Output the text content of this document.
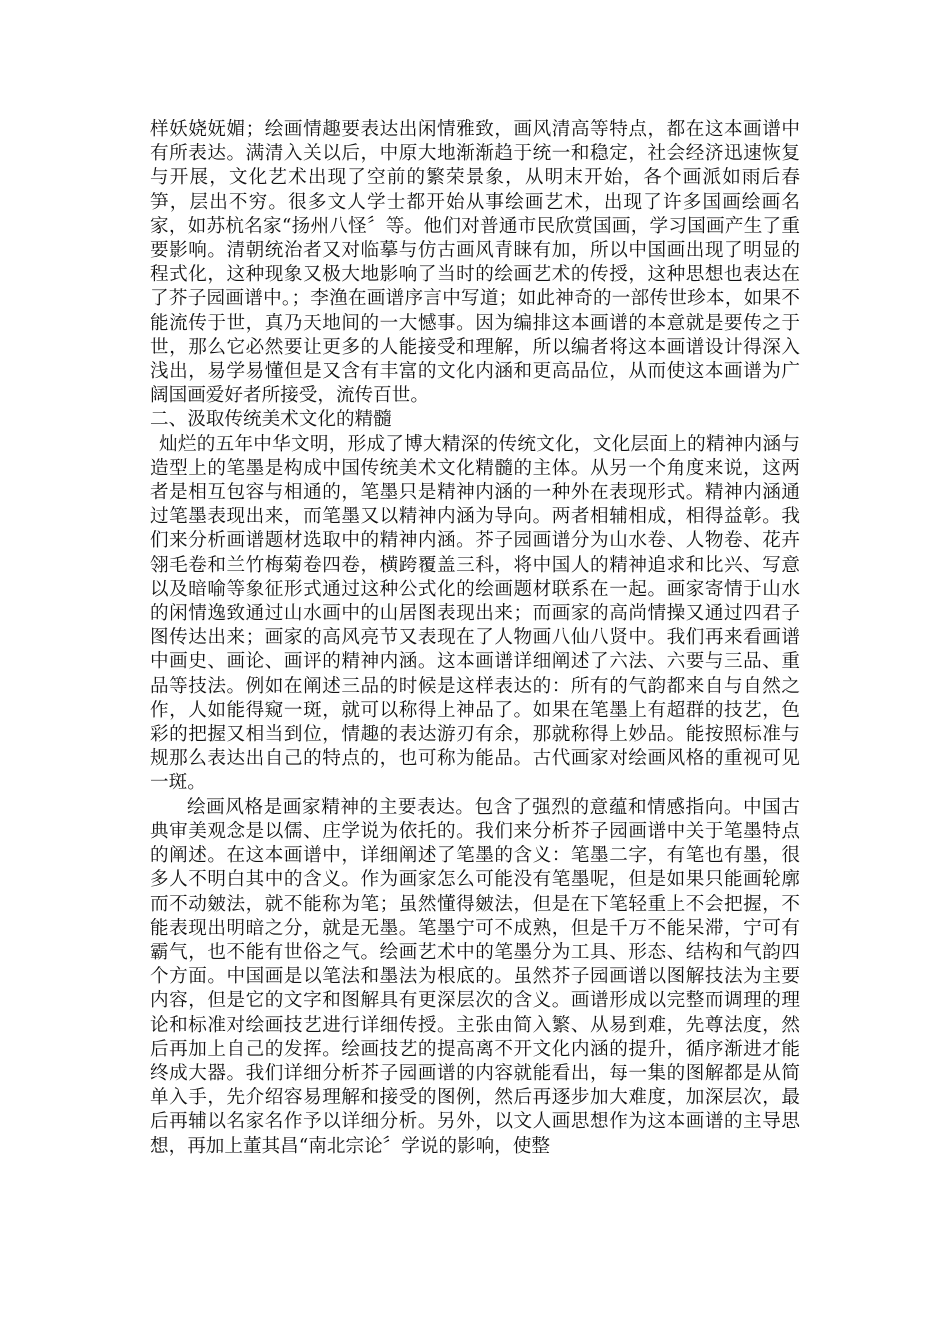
样妖娆妩媚；绘画情趣要表达出闲情雅致，画风清高等特点，都在这本画谱中有所表达。满清入关以后，中原大地渐渐趋于统一和稳定，社会经济迅速恢复与开展，文化艺术出现了空前的繁荣景象，从明末开始，各个画派如雨后春笋，层出不穷。很多文人学士都开始从事绘画艺术，出现了许多国画绘画名家，如苏杭名家“扬州八怪〞等。他们对普通市民欣赏国画，学习国画产生了重要影响。清朝统治者又对临摹与仿古画风青睐有加，所以中国画出现了明显的程式化，这种现象又极大地影响了当时的绘画艺术的传授，这种思想也表达在了芥子园画谱中。；李渔在画谱序言中写道；如此神奇的一部传世珍本，如果不能流传于世，真乃天地间的一大憾事。因为编排这本画谱的本意就是要传之于世，那么它必然要让更多的人能接受和理解，所以编者将这本画谱设计得深入浅出，易学易懂但是又含有丰富的文化内涵和更高品位，从而使这本画谱为广阔国画爱好者所接受，流传百世。

二、汲取传统美术文化的精髓

灿烂的五年中华文明，形成了博大精深的传统文化，文化层面上的精神内涵与造型上的笔墨是构成中国传统美术文化精髓的主体。从另一个角度来说，这两者是相互包容与相通的，笔墨只是精神内涵的一种外在表现形式。精神内涵通过笔墨表现出来，而笔墨又以精神内涵为导向。两者相辅相成，相得益彰。我们来分析画谱题材选取中的精神内涵。芥子园画谱分为山水卷、人物卷、花卉翎毛卷和兰竹梅菊卷四卷，横跨覆盖三科，将中国人的精神追求和比兴、写意以及暗喻等象征形式通过这种公式化的绘画题材联系在一起。画家寄情于山水的闲情逸致通过山水画中的山居图表现出来；而画家的高尚情操又通过四君子图传达出来；画家的高风亮节又表现在了人物画八仙八贤中。我们再来看画谱中画史、画论、画评的精神内涵。这本画谱详细阐述了六法、六要与三品、重品等技法。例如在阐述三品的时候是这样表达的：所有的气韵都来自与自然之作，人如能得窥一斑，就可以称得上神品了。如果在笔墨上有超群的技艺，色彩的把握又相当到位，情趣的表达游刃有余，那就称得上妙品。能按照标准与规那么表达出自己的特点的，也可称为能品。古代画家对绘画风格的重视可见一斑。

绘画风格是画家精神的主要表达。包含了强烈的意蕴和情感指向。中国古典审美观念是以儒、庄学说为依托的。我们来分析芥子园画谱中关于笔墨特点的阐述。在这本画谱中，详细阐述了笔墨的含义：笔墨二字，有笔也有墨，很多人不明白其中的含义。作为画家怎么可能没有笔墨呢，但是如果只能画轮廓而不动皴法，就不能称为笔；虽然懂得皴法，但是在下笔轻重上不会把握，不能表现出明暗之分，就是无墨。笔墨宁可不成熟，但是千万不能呆滞，宁可有霸气，也不能有世俗之气。绘画艺术中的笔墨分为工具、形态、结构和气韵四个方面。中国画是以笔法和墨法为根底的。虽然芥子园画谱以图解技法为主要内容，但是它的文字和图解具有更深层次的含义。画谱形成以完整而调理的理论和标准对绘画技艺进行详细传授。主张由简入繁、从易到难，先尊法度，然后再加上自己的发挥。绘画技艺的提高离不开文化内涵的提升，循序渐进才能终成大器。我们详细分析芥子园画谱的内容就能看出，每一集的图解都是从简单入手，先介绍容易理解和接受的图例，然后再逐步加大难度，加深层次，最后再辅以名家名作予以详细分析。另外，以文人画思想作为这本画谱的主导思想，再加上董其昌“南北宗论〞学说的影响，使整
